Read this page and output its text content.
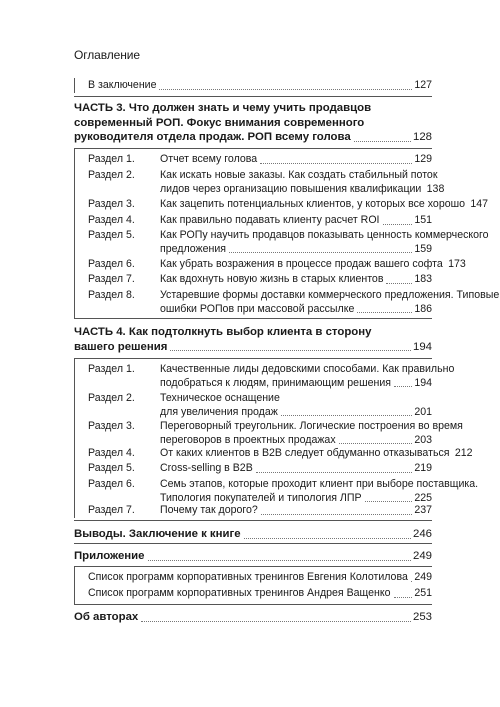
Оглавление
В заключение	127
ЧАСТЬ 3. Что должен знать и чему учить продавцов
современный РОП. Фокус внимания современного
руководителя отдела продаж. РОП всему голова	128
Раздел 1.	Отчет всему голова	129
Раздел 2.	Как искать новые заказы. Как создать стабильный поток
лидов через организацию повышения квалификации 138
Раздел 3.	Как зацепить потенциальных клиентов, у которых все хорошо 147
Раздел 4.	Как правильно подавать клиенту расчет ROI	151
Раздел 5.	Как РОПу научить продавцов показывать ценность коммерческого
предложения	159
Раздел 6.	Как убрать возражения в процессе продаж вашего софта 173
Раздел 7.	Как вдохнуть новую жизнь в старых клиентов	183
Раздел 8.	Устаревшие формы доставки коммерческого предложения. Типовые
ошибки РОПов при массовой рассылке	186
ЧАСТЬ 4. Как подтолкнуть выбор клиента в сторону
вашего решения	194
Раздел 1.	Качественные лиды дедовскими способами. Как правильно
подобраться к людям, принимающим решения 194
Раздел 2.	Техническое оснащение
для увеличения продаж	201
Раздел 3.	Переговорный треугольник. Логические построения во время
переговоров в проектных продажах	203
Раздел 4.	От каких клиентов в B2B следует обдуманно отказываться 212
Раздел 5.	Cross-selling в B2B	219
Раздел 6.	Семь этапов, которые проходит клиент при выборе поставщика.
Типология покупателей и типология ЛПР	225
Раздел 7.	Почему так дорого?	237
Выводы. Заключение к книге	246
Приложение	249
Список программ корпоративных тренингов Евгения Колотилова 249
Список программ корпоративных тренингов Андрея Ващенко 251
Об авторах	253
